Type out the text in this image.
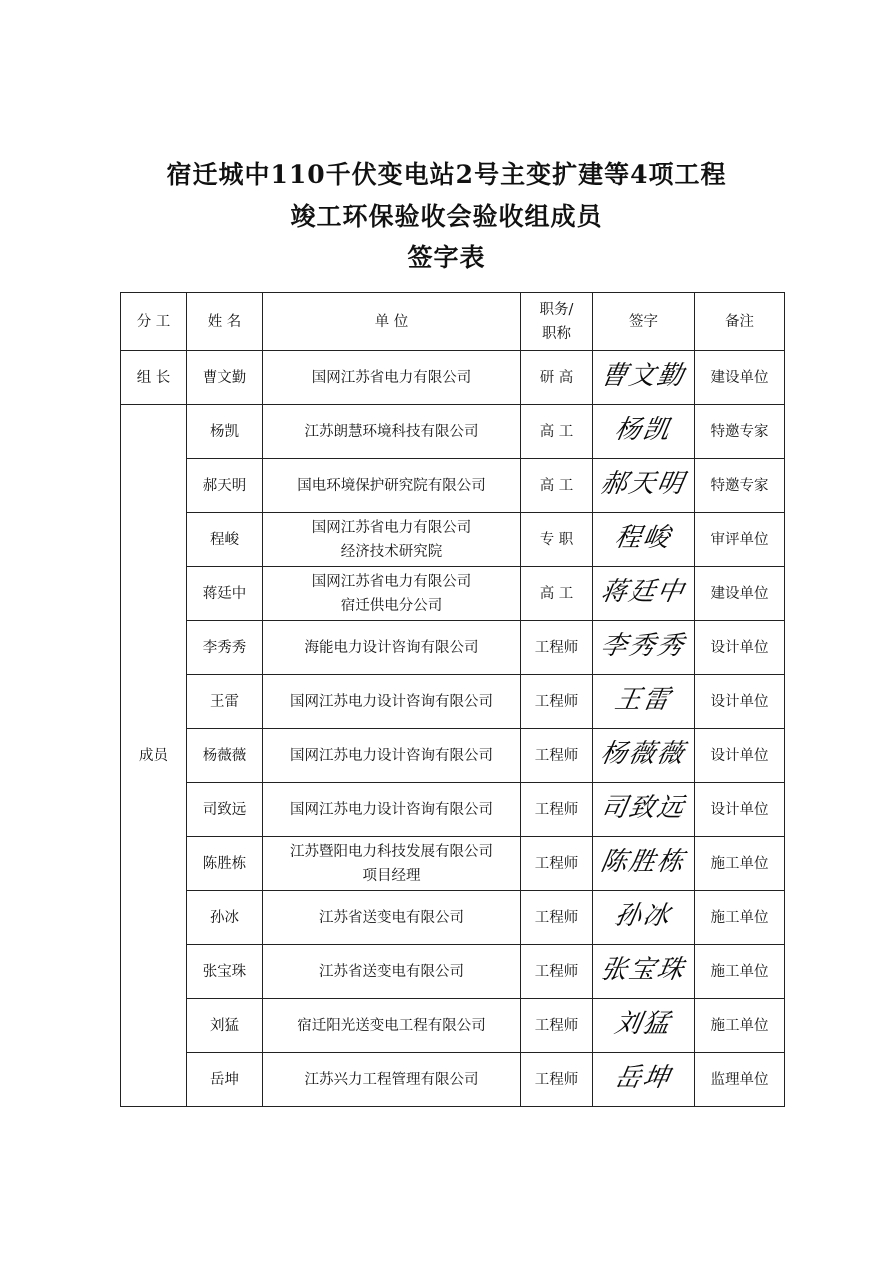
宿迁城中110千伏变电站2号主变扩建等4项工程
竣工环保验收会验收组成员
签字表
分 工	姓 名	单 位	职务/
职称	签字	备注
组 长	曹文勤	国网江苏省电力有限公司	研 高	曹文勤	建设单位
成员	杨凯	江苏朗慧环境科技有限公司	高 工	杨凯	特邀专家
	郝天明	国电环境保护研究院有限公司	高 工	郝天明	特邀专家
	程峻	国网江苏省电力有限公司
经济技术研究院	专 职	程峻	审评单位
	蒋廷中	国网江苏省电力有限公司
宿迁供电分公司	高 工	蒋廷中	建设单位
	李秀秀	海能电力设计咨询有限公司	工程师	李秀秀	设计单位
	王雷	国网江苏电力设计咨询有限公司	工程师	王雷	设计单位
	杨薇薇	国网江苏电力设计咨询有限公司	工程师	杨薇薇	设计单位
	司致远	国网江苏电力设计咨询有限公司	工程师	司致远	设计单位
	陈胜栋	江苏暨阳电力科技发展有限公司
项目经理	工程师	陈胜栋	施工单位
	孙冰	江苏省送变电有限公司	工程师	孙冰	施工单位
	张宝珠	江苏省送变电有限公司	工程师	张宝珠	施工单位
	刘猛	宿迁阳光送变电工程有限公司	工程师	刘猛	施工单位
	岳坤	江苏兴力工程管理有限公司	工程师	岳坤	监理单位
